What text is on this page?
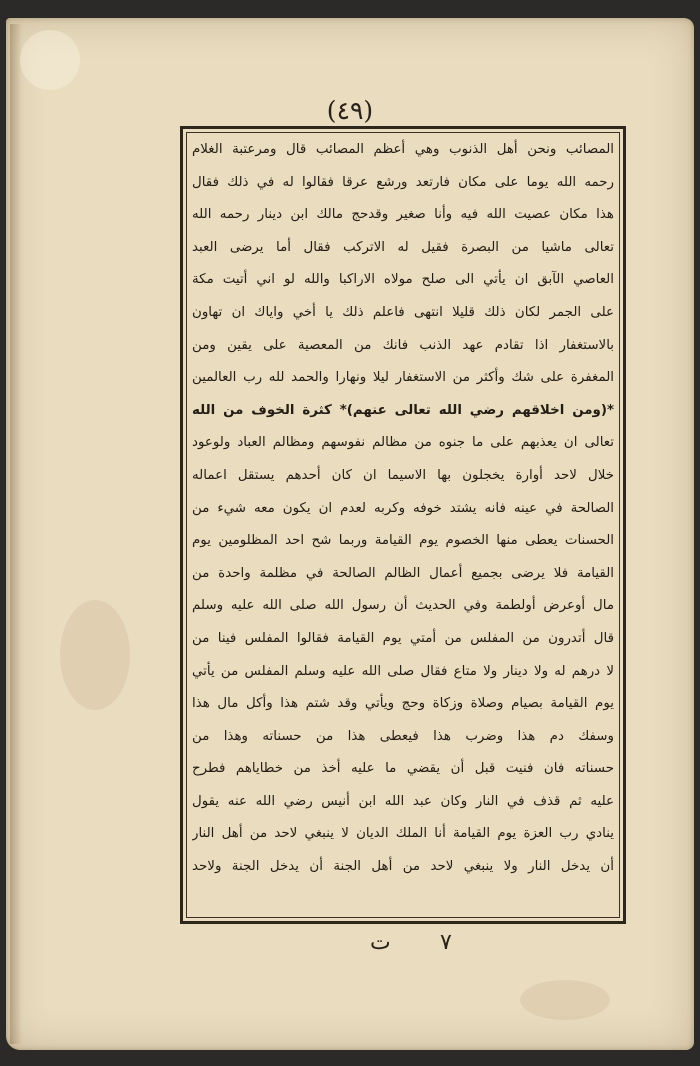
(٤٩)
المصائب ونحن أهل الذنوب وهي أعظم المصائب قال ومرعتبة الغلام
رحمه الله يوما على مكان فارتعد ورشع عرقا فقالوا له في ذلك فقال
هذا مكان عصيت الله فيه وأنا صغير وقدحج مالك ابن دينار رحمه الله
تعالى ماشيا من البصرة فقيل له الاتركب فقال أما يرضى العبد
العاصي الآبق ان يأتي الى صلح مولاه الاراكبا والله لو اني أتيت مكة
على الجمر لكان ذلك قليلا انتهى فاعلم ذلك يا أخي واياك ان تهاون
بالاستغفار اذا تقادم عهد الذنب فانك من المعصية على يقين ومن
المغفرة على شك وأكثر من الاستغفار ليلا ونهارا والحمد لله رب العالمين
*(ومن اخلاقهم رضي الله تعالى عنهم)* كثرة الخوف من الله
تعالى ان يعذبهم على ما جنوه من مظالم نفوسهم ومظالم العباد ولوعود
خلال لاحد أوارة يخجلون بها الاسيما ان كان أحدهم يستقل اعماله
الصالحة في عينه فانه يشتد خوفه وكربه لعدم ان يكون معه شيء من
الحسنات يعطى منها الخصوم يوم القيامة وربما شح احد المظلومين يوم
القيامة فلا يرضى بجميع أعمال الظالم الصالحة في مظلمة واحدة من
مال أوعرض أولطمة وفي الحديث أن رسول الله صلى الله عليه وسلم
قال أتدرون من المفلس من أمتي يوم القيامة فقالوا المفلس فينا من
لا درهم له ولا دينار ولا متاع فقال صلى الله عليه وسلم المفلس من يأتي
يوم القيامة بصيام وصلاة وزكاة وحج ويأتي وقد شتم هذا وأكل مال هذا
وسفك دم هذا وضرب هذا فيعطى هذا من حسناته وهذا من
حسناته فان فنيت قبل أن يقضي ما عليه أخذ من خطاياهم فطرح
عليه ثم قذف في النار وكان عبد الله ابن أنيس رضي الله عنه يقول
ينادي رب العزة يوم القيامة أنا الملك الديان لا ينبغي لاحد من أهل النار
أن يدخل النار ولا ينبغي لاحد من أهل الجنة أن يدخل الجنة ولاحد
ت ٧
